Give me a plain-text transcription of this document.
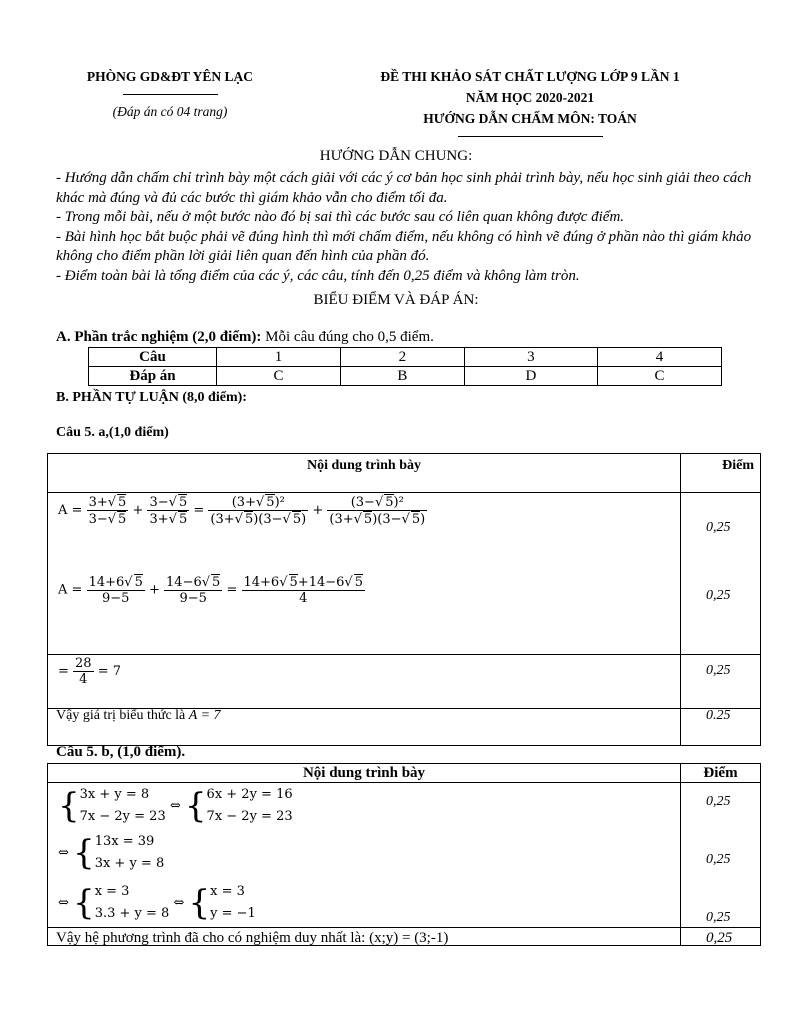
PHÒNG GD&ĐT YÊN LẠC
(Đáp án có 04 trang)
ĐỀ THI KHẢO SÁT CHẤT LƯỢNG LỚP 9 LẦN 1
NĂM HỌC 2020-2021
HƯỚNG DẪN CHẤM MÔN: TOÁN
HƯỚNG DẪN CHUNG:

- Hướng dẫn chấm chỉ trình bày một cách giải với các ý cơ bản học sinh phải trình bày, nếu học sinh giải theo cách khác mà đúng và đủ các bước thì giám khảo vẫn cho điểm tối đa.

- Trong mỗi bài, nếu ở một bước nào đó bị sai thì các bước sau có liên quan không được điểm.

- Bài hình học bắt buộc phải vẽ đúng hình thì mới chấm điểm, nếu không có hình vẽ đúng ở phần nào thì giám khảo không cho điểm phần lời giải liên quan đến hình của phần đó.

- Điểm toàn bài là tổng điểm của các ý, các câu, tính đến 0,25 điểm và không làm tròn.

BIỂU ĐIỂM VÀ ĐÁP ÁN:
A. Phần trắc nghiệm (2,0 điểm): Mỗi câu đúng cho 0,5 điểm.
Câu	1	2	3	4
Đáp án	C	B	D	C
B. PHẦN TỰ LUẬN (8,0 điểm):
Câu 5. a,(1,0 điểm)
Nội dung trình bày	Điểm

$A = \frac{3+ √ 5}{3- √ 5} + \frac{3- √ 5}{3+ √ 5} = \frac{\text{(3+ √ 5)²}}{(3+ √ 5)(3- √ 5)} + \frac{\text{(3− √ 5)²}}{(3+ √ 5)(3- √ 5)}$
0,25
$A = \frac{14+6 √ 5}{9-5} + \frac{14-6 √ 5}{9-5} = \frac{14+6 √ 5+14-6 √ 5}{4}$	0,25
= $\frac{28}{4} = 7$	0,25
Vậy giá trị biểu thức là A = 7	0.25
Câu 5. b, (1,0 điểm).
Nội dung trình bày	Điểm

{ 3x + y = 8
7x − 2y = 23
⇔ { 6x + 2y = 16
7x − 2y = 23
0,25
⇔ { 13x = 39
3x + y = 8	0,25
⇔ { x = 3
3.3 + y = 8
⇔ { x = 3
y = −1	0,25
Vậy hệ phương trình đã cho có nghiệm duy nhất là: (x;y) = (3;-1)	0,25
